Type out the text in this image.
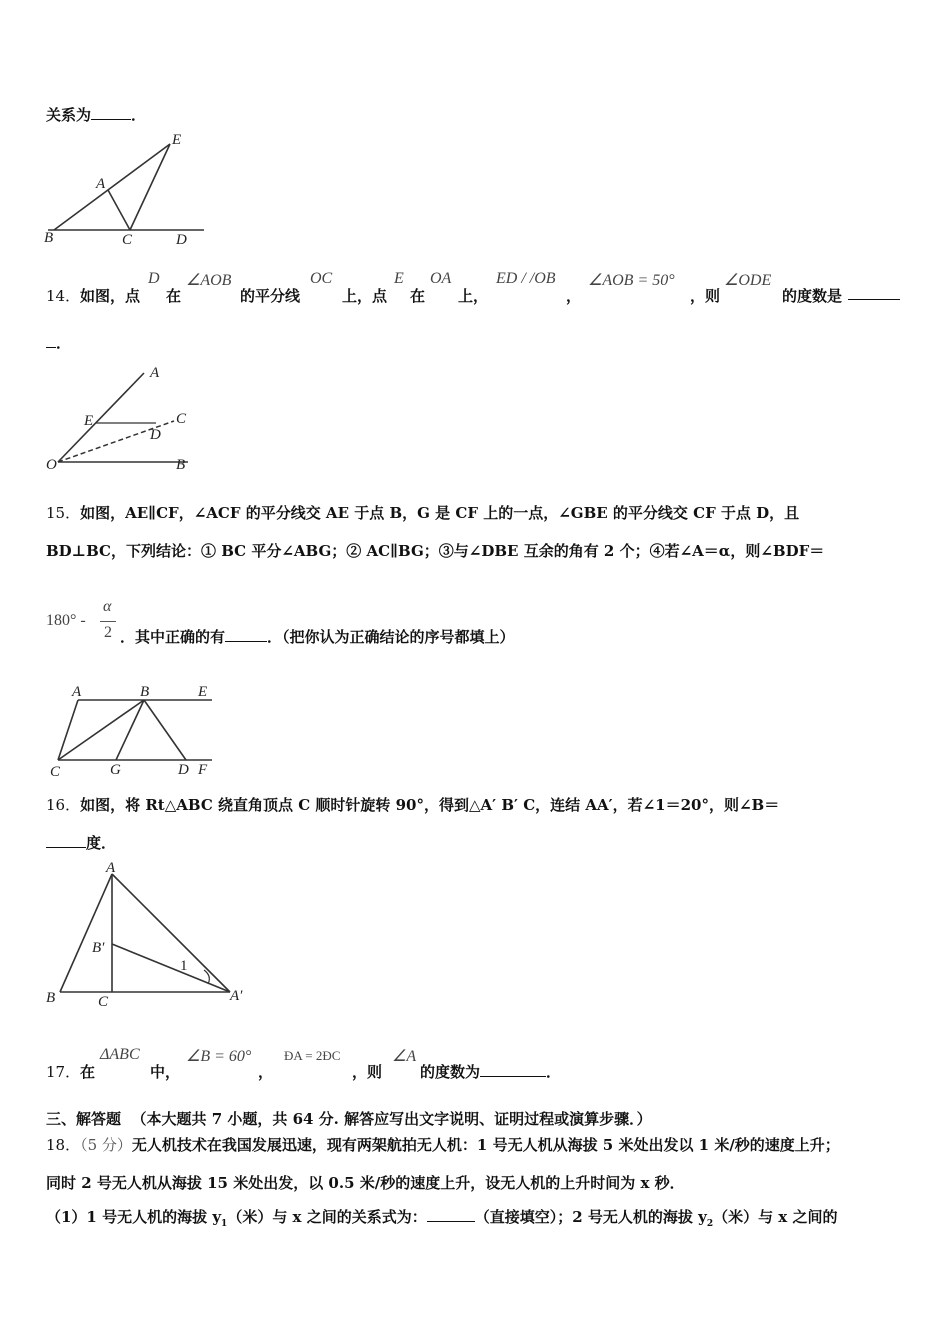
关系为	．
E
A
B	C	D
14． 如图，点
D
在
∠AOB
的平分线
OC
上，点
E
在
OA
上，
ED / /OB
，
∠AOB = 50°
，则
∠ODE
的度数是
．
A
E	C
D
O	B
15．如图，AE∥CF，∠ACF 的平分线交 AE 于点 B，G 是 CF 上的一点，∠GBE 的平分线交 CF 于点 D，且
BD⊥BC，下列结论：① BC 平分∠ABG；② AC∥BG；③与∠DBE 互余的角有 2 个；④若∠A＝α，则∠BDF＝
180° -
α
2 ．其中正确的有	．（把你认为正确结论的序号都填上）
A	B	E
C	G	D F
16．如图，将 Rt△ABC 绕直角顶点 C 顺时针旋转 90°，得到△A′ B′ C，连结 AA′，若∠1＝20°，则∠B＝
度．
A
B′
1
B	C	A′
17． 在
ΔABC
中，
∠B = 60°
，
ÐA = 2ÐC
，则
∠A
的度数为	．
三、解答题 （本大题共 7 小题，共 64 分. 解答应写出文字说明、证明过程或演算步骤．）
18．（5 分）无人机技术在我国发展迅速，现有两架航拍无人机：1 号无人机从海拔 5 米处出发以 1 米/秒的速度上升；
同时 2 号无人机从海拔 15 米处出发，以 0.5 米/秒的速度上升，设无人机的上升时间为 x 秒．
（1）1 号无人机的海拔 $y_1$（米）与 x 之间的关系式为：	（直接填空）；2 号无人机的海拔 $y_2$（米）与 x 之间的
